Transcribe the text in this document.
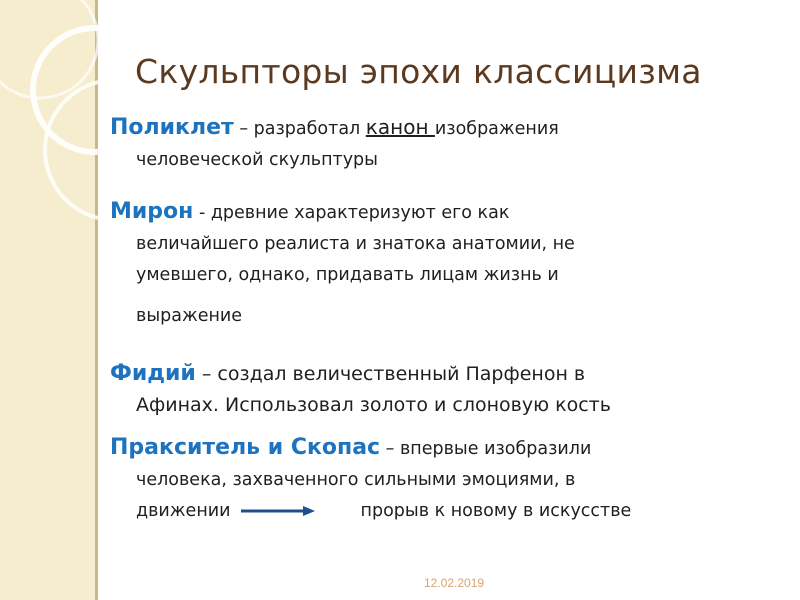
Скульпторы эпохи классицизма
Поликлет – разработал канон изображения
человеческой скульптуры
Мирон - древние характеризуют его как
величайшего реалиста и знатока анатомии, не
умевшего, однако, придавать лицам жизнь и
выражение
Фидий – создал величественный Парфенон в
Афинах. Использовал золото и слоновую кость
Пракситель и Скопас – впервые изобразили
человека, захваченного сильными эмоциями, в
движении	прорыв к новому в искусстве
12.02.2019
